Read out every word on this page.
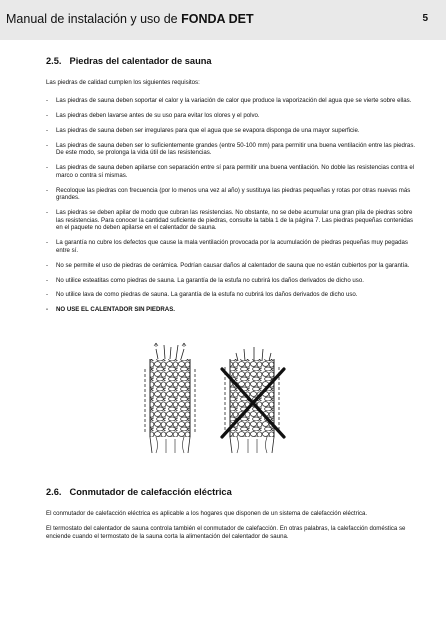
Manual de instalación y uso de FONDA DET	5
2.5. Piedras del calentador de sauna

Las piedras de calidad cumplen los siguientes requisitos:

- Las piedras de sauna deben soportar el calor y la variación de calor que produce la vaporización del agua que se vierte sobre ellas.
- Las piedras deben lavarse antes de su uso para evitar los olores y el polvo.
- Las piedras de sauna deben ser irregulares para que el agua que se evapora disponga de una mayor superficie.
- Las piedras de sauna deben ser lo suficientemente grandes (entre 50-100 mm) para permitir una buena ventilación entre las piedras. De este modo, se prolonga la vida útil de las resistencias.
- Las piedras de sauna deben apilarse con separación entre sí para permitir una buena ventilación. No doble las resistencias contra el marco o contra sí mismas.
- Recoloque las piedras con frecuencia (por lo menos una vez al año) y sustituya las piedras pequeñas y rotas por otras nuevas más grandes.
- Las piedras se deben apilar de modo que cubran las resistencias. No obstante, no se debe acumular una gran pila de piedras sobre las resistencias. Para conocer la cantidad suficiente de piedras, consulte la tabla 1 de la página 7. Las piedras pequeñas contenidas en el paquete no deben apilarse en el calentador de sauna.
- La garantía no cubre los defectos que cause la mala ventilación provocada por la acumulación de piedras pequeñas muy pegadas entre sí.
- No se permite el uso de piedras de cerámica. Podrían causar daños al calentador de sauna que no están cubiertos por la garantía.
- No utilice esteatitas como piedras de sauna. La garantía de la estufa no cubrirá los daños derivados de dicho uso.
- No utilice lava de como piedras de sauna. La garantía de la estufa no cubrirá los daños derivados de dicho uso.
- NO USE EL CALENTADOR SIN PIEDRAS.
2.6. Conmutador de calefacción eléctrica
El conmutador de calefacción eléctrica es aplicable a los hogares que disponen de un sistema de calefacción eléctrica.
El termostato del calentador de sauna controla también el conmutador de calefacción. En otras palabras, la calefacción doméstica se enciende cuando el termostato de la sauna corta la alimentación del calentador de sauna.
